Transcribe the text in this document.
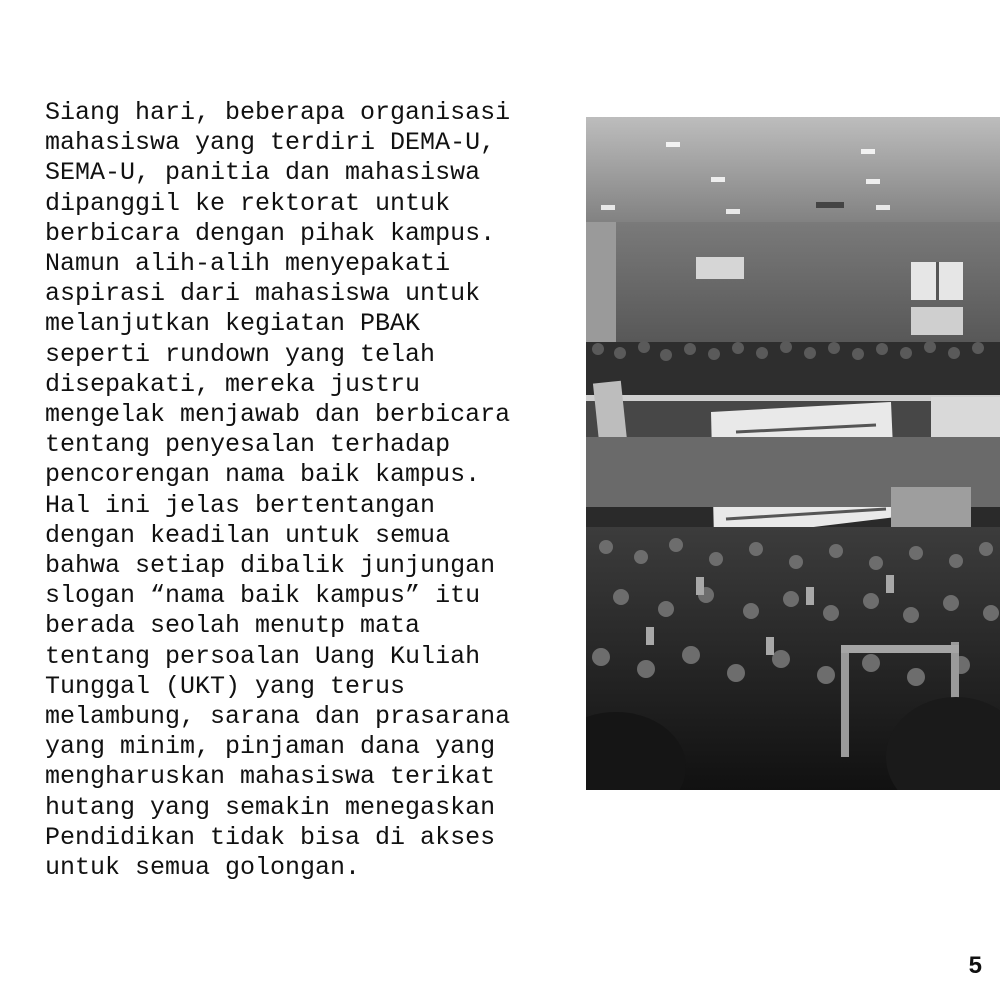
Siang hari, beberapa organisasi
mahasiswa yang terdiri DEMA-U,
SEMA-U, panitia dan mahasiswa
dipanggil ke rektorat untuk
berbicara dengan pihak kampus.
Namun alih-alih menyepakati
aspirasi dari mahasiswa untuk
melanjutkan kegiatan PBAK
seperti rundown yang telah
disepakati, mereka justru
mengelak menjawab dan berbicara
tentang penyesalan terhadap
pencorengan nama baik kampus.
Hal ini jelas bertentangan
dengan keadilan untuk semua
bahwa setiap dibalik junjungan
slogan “nama baik kampus” itu
berada seolah menutp mata
tentang persoalan Uang Kuliah
Tunggal (UKT) yang terus
melambung, sarana dan prasarana
yang minim, pinjaman dana yang
mengharuskan mahasiswa terikat
hutang yang semakin menegaskan
Pendidikan tidak bisa di akses
untuk semua golongan.

5
